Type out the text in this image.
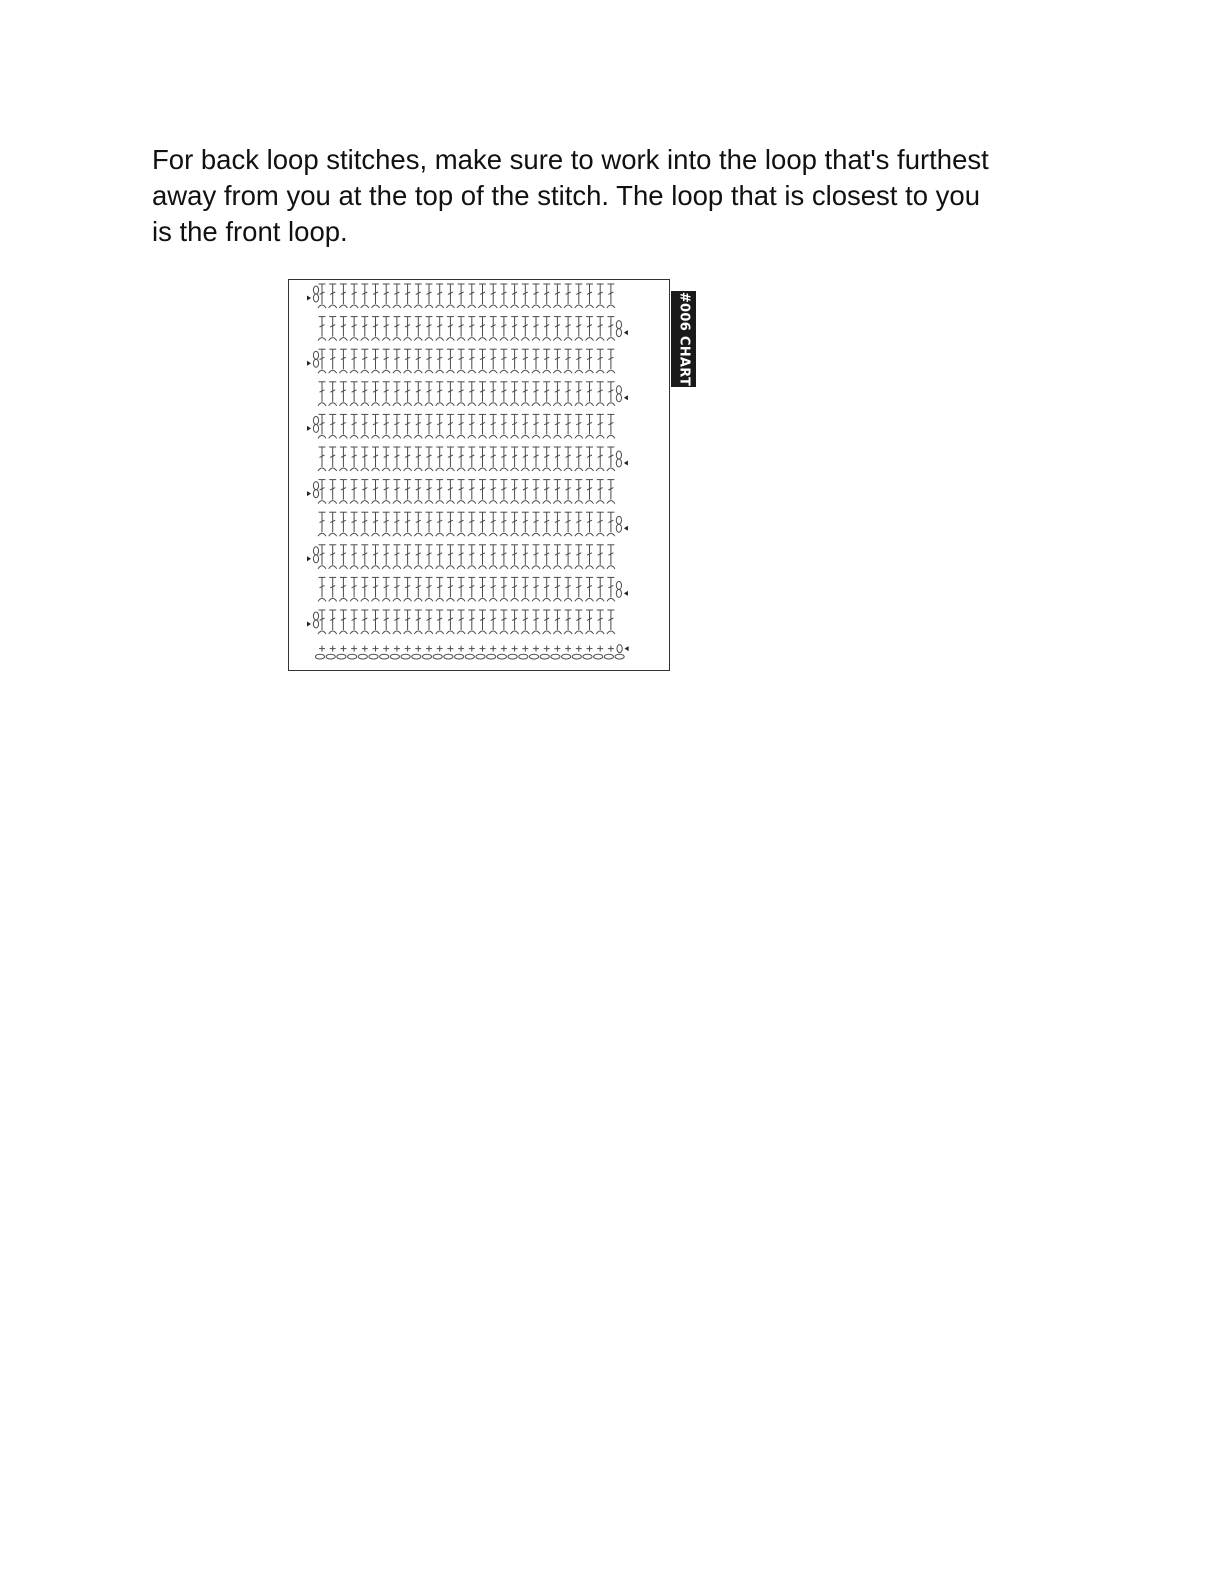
For back loop stitches, make sure to work into the loop that's furthest
away from you at the top of the stitch. The loop that is closest to you
is the front loop.

#006 CHART
